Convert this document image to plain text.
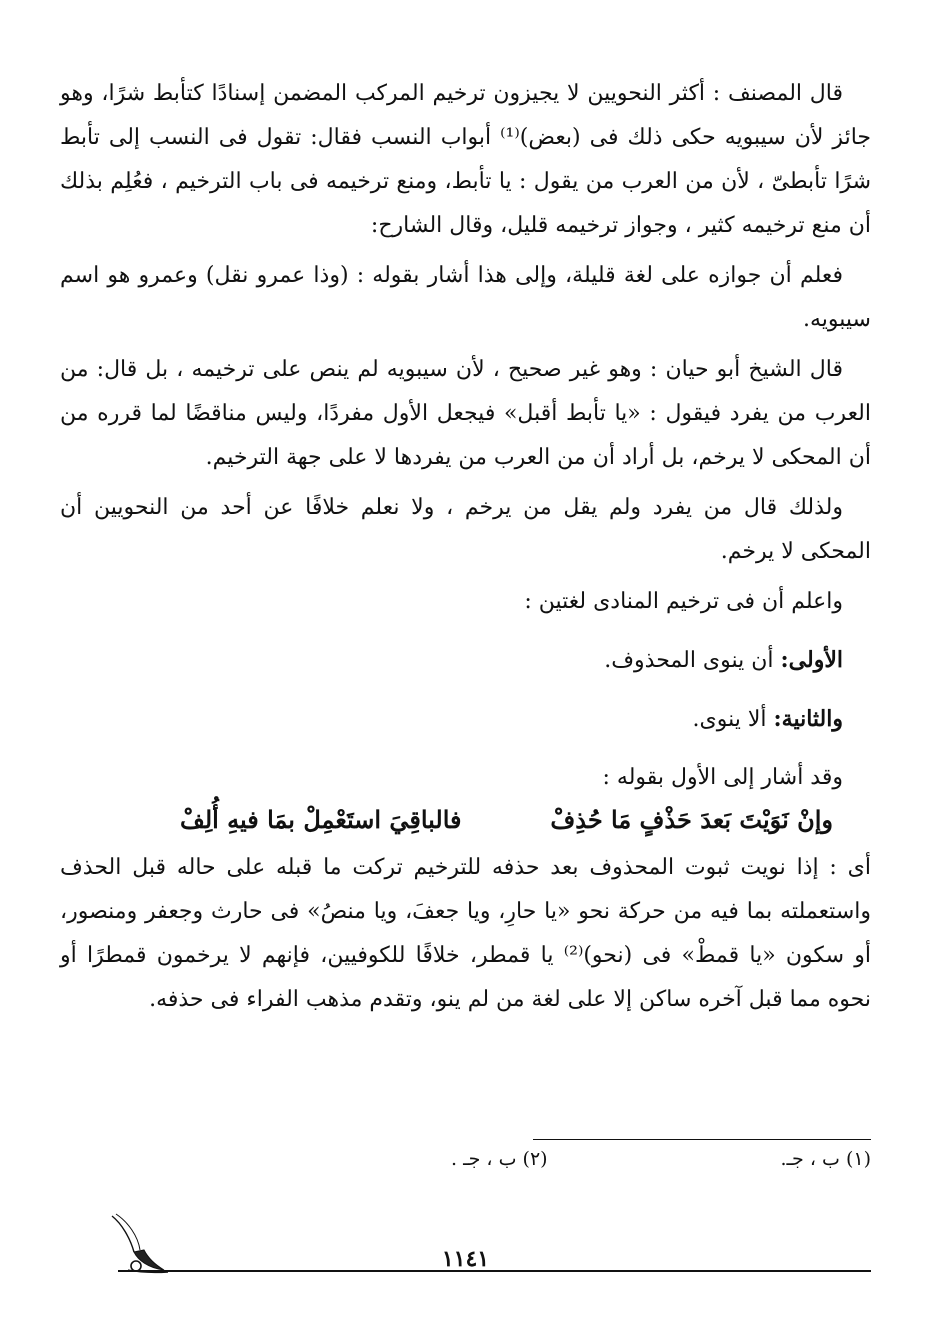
قال المصنف : أكثر النحويين لا يجيزون ترخيم المركب المضمن إسنادًا كتأبط شرًا، وهو جائز لأن سيبويه حكى ذلك فى (بعض)⁽¹⁾ أبواب النسب فقال: تقول فى النسب إلى تأبط شرًا تأبطىّ ، لأن من العرب من يقول : يا تأبط، ومنع ترخيمه فى باب الترخيم ، فعُلِم بذلك أن منع ترخيمه كثير ، وجواز ترخيمه قليل، وقال الشارح:

فعلم أن جوازه على لغة قليلة، وإلى هذا أشار بقوله : (وذا عمرو نقل) وعمرو هو اسم سيبويه.

قال الشيخ أبو حيان : وهو غير صحيح ، لأن سيبويه لم ينص على ترخيمه ، بل قال: من العرب من يفرد فيقول : «يا تأبط أقبل» فيجعل الأول مفردًا، وليس مناقضًا لما قرره من أن المحكى لا يرخم، بل أراد أن من العرب من يفردها لا على جهة الترخيم.

ولذلك قال من يفرد ولم يقل من يرخم ، ولا نعلم خلافًا عن أحد من النحويين أن المحكى لا يرخم.

واعلم أن فى ترخيم المنادى لغتين :
الأولى: أن ينوى المحذوف.
والثانية: ألا ينوى.
وقد أشار إلى الأول بقوله :
وإنْ نَوَيْتَ بَعدَ حَذْفٍ مَا حُذِفْ
فالباقِيَ استَعْمِلْ بمَا فيهِ أُلِفْ

أى : إذا نويت ثبوت المحذوف بعد حذفه للترخيم تركت ما قبله على حاله قبل الحذف واستعملته بما فيه من حركة نحو «يا حارِ، ويا جعفَ، ويا منصُ» فى حارث وجعفر ومنصور، أو سكون «يا قمطْ» فى (نحو)⁽²⁾ يا قمطر، خلافًا للكوفيين، فإنهم لا يرخمون قمطرًا أو نحوه مما قبل آخره ساكن إلا على لغة من لم ينو، وتقدم مذهب الفراء فى حذفه.

(١) ب ، جـ.
(٢) ب ، جـ .
١١٤١
